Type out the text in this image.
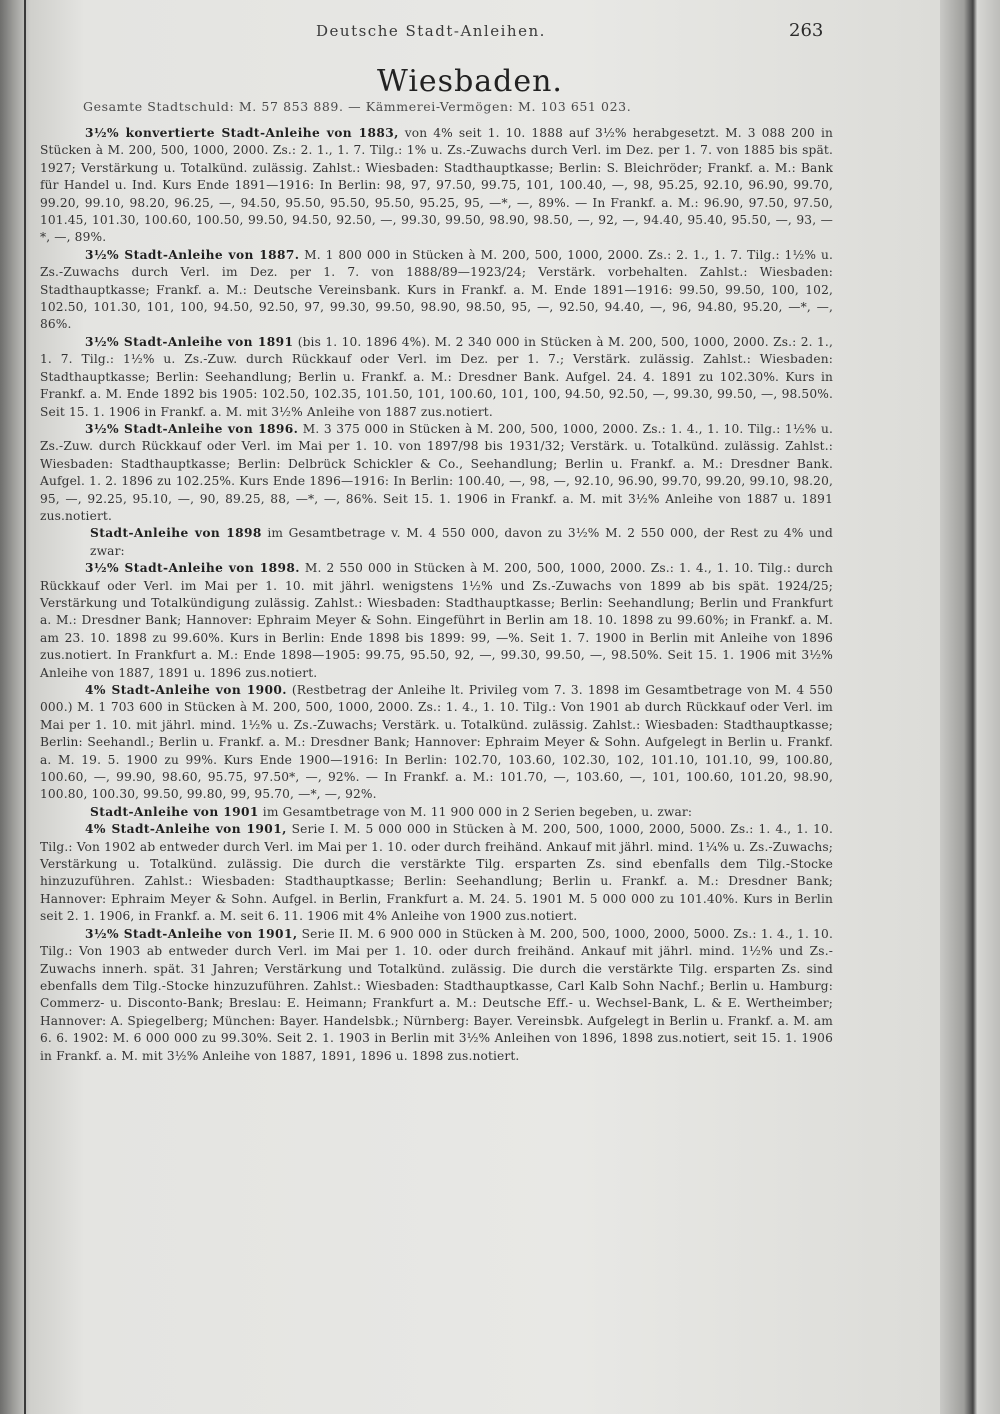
Deutsche Stadt-Anleihen.	263
Wiesbaden.
Gesamte Stadtschuld: M. 57 853 889. — Kämmerei-Vermögen: M. 103 651 023.

3½% konvertierte Stadt-Anleihe von 1883, von 4% seit 1. 10. 1888 auf 3½% herabgesetzt. M. 3 088 200 in Stücken à M. 200, 500, 1000, 2000. Zs.: 2. 1., 1. 7. Tilg.: 1% u. Zs.-Zuwachs durch Verl. im Dez. per 1. 7. von 1885 bis spät. 1927; Verstärkung u. Totalkünd. zulässig. Zahlst.: Wiesbaden: Stadthauptkasse; Berlin: S. Bleichröder; Frankf. a. M.: Bank für Handel u. Ind. Kurs Ende 1891—1916: In Berlin: 98, 97, 97.50, 99.75, 101, 100.40, —, 98, 95.25, 92.10, 96.90, 99.70, 99.20, 99.10, 98.20, 96.25, —, 94.50, 95.50, 95.50, 95.50, 95.25, 95, —*, —, 89%. — In Frankf. a. M.: 96.90, 97.50, 97.50, 101.45, 101.30, 100.60, 100.50, 99.50, 94.50, 92.50, —, 99.30, 99.50, 98.90, 98.50, —, 92, —, 94.40, 95.40, 95.50, —, 93, —*, —, 89%.

3½% Stadt-Anleihe von 1887. M. 1 800 000 in Stücken à M. 200, 500, 1000, 2000. Zs.: 2. 1., 1. 7. Tilg.: 1½% u. Zs.-Zuwachs durch Verl. im Dez. per 1. 7. von 1888/89—1923/24; Verstärk. vorbehalten. Zahlst.: Wiesbaden: Stadthauptkasse; Frankf. a. M.: Deutsche Vereinsbank. Kurs in Frankf. a. M. Ende 1891—1916: 99.50, 99.50, 100, 102, 102.50, 101.30, 101, 100, 94.50, 92.50, 97, 99.30, 99.50, 98.90, 98.50, 95, —, 92.50, 94.40, —, 96, 94.80, 95.20, —*, —, 86%.

3½% Stadt-Anleihe von 1891 (bis 1. 10. 1896 4%). M. 2 340 000 in Stücken à M. 200, 500, 1000, 2000. Zs.: 2. 1., 1. 7. Tilg.: 1½% u. Zs.-Zuw. durch Rückkauf oder Verl. im Dez. per 1. 7.; Verstärk. zulässig. Zahlst.: Wiesbaden: Stadthauptkasse; Berlin: Seehandlung; Berlin u. Frankf. a. M.: Dresdner Bank. Aufgel. 24. 4. 1891 zu 102.30%. Kurs in Frankf. a. M. Ende 1892 bis 1905: 102.50, 102.35, 101.50, 101, 100.60, 101, 100, 94.50, 92.50, —, 99.30, 99.50, —, 98.50%. Seit 15. 1. 1906 in Frankf. a. M. mit 3½% Anleihe von 1887 zus.notiert.

3½% Stadt-Anleihe von 1896. M. 3 375 000 in Stücken à M. 200, 500, 1000, 2000. Zs.: 1. 4., 1. 10. Tilg.: 1½% u. Zs.-Zuw. durch Rückkauf oder Verl. im Mai per 1. 10. von 1897/98 bis 1931/32; Verstärk. u. Totalkünd. zulässig. Zahlst.: Wiesbaden: Stadthauptkasse; Berlin: Delbrück Schickler & Co., Seehandlung; Berlin u. Frankf. a. M.: Dresdner Bank. Aufgel. 1. 2. 1896 zu 102.25%. Kurs Ende 1896—1916: In Berlin: 100.40, —, 98, —, 92.10, 96.90, 99.70, 99.20, 99.10, 98.20, 95, —, 92.25, 95.10, —, 90, 89.25, 88, —*, —, 86%. Seit 15. 1. 1906 in Frankf. a. M. mit 3½% Anleihe von 1887 u. 1891 zus.notiert.

Stadt-Anleihe von 1898 im Gesamtbetrage v. M. 4 550 000, davon zu 3½% M. 2 550 000, der Rest zu 4% und zwar:

3½% Stadt-Anleihe von 1898. M. 2 550 000 in Stücken à M. 200, 500, 1000, 2000. Zs.: 1. 4., 1. 10. Tilg.: durch Rückkauf oder Verl. im Mai per 1. 10. mit jährl. wenigstens 1½% und Zs.-Zuwachs von 1899 ab bis spät. 1924/25; Verstärkung und Totalkündigung zulässig. Zahlst.: Wiesbaden: Stadthauptkasse; Berlin: Seehandlung; Berlin und Frankfurt a. M.: Dresdner Bank; Hannover: Ephraim Meyer & Sohn. Eingeführt in Berlin am 18. 10. 1898 zu 99.60%; in Frankf. a. M. am 23. 10. 1898 zu 99.60%. Kurs in Berlin: Ende 1898 bis 1899: 99, —%. Seit 1. 7. 1900 in Berlin mit Anleihe von 1896 zus.notiert. In Frankfurt a. M.: Ende 1898—1905: 99.75, 95.50, 92, —, 99.30, 99.50, —, 98.50%. Seit 15. 1. 1906 mit 3½% Anleihe von 1887, 1891 u. 1896 zus.notiert.

4% Stadt-Anleihe von 1900. (Restbetrag der Anleihe lt. Privileg vom 7. 3. 1898 im Gesamtbetrage von M. 4 550 000.) M. 1 703 600 in Stücken à M. 200, 500, 1000, 2000. Zs.: 1. 4., 1. 10. Tilg.: Von 1901 ab durch Rückkauf oder Verl. im Mai per 1. 10. mit jährl. mind. 1½% u. Zs.-Zuwachs; Verstärk. u. Totalkünd. zulässig. Zahlst.: Wiesbaden: Stadthauptkasse; Berlin: Seehandl.; Berlin u. Frankf. a. M.: Dresdner Bank; Hannover: Ephraim Meyer & Sohn. Aufgelegt in Berlin u. Frankf. a. M. 19. 5. 1900 zu 99%. Kurs Ende 1900—1916: In Berlin: 102.70, 103.60, 102.30, 102, 101.10, 101.10, 99, 100.80, 100.60, —, 99.90, 98.60, 95.75, 97.50*, —, 92%. — In Frankf. a. M.: 101.70, —, 103.60, —, 101, 100.60, 101.20, 98.90, 100.80, 100.30, 99.50, 99.80, 99, 95.70, —*, —, 92%.

Stadt-Anleihe von 1901 im Gesamtbetrage von M. 11 900 000 in 2 Serien begeben, u. zwar:

4% Stadt-Anleihe von 1901, Serie I. M. 5 000 000 in Stücken à M. 200, 500, 1000, 2000, 5000. Zs.: 1. 4., 1. 10. Tilg.: Von 1902 ab entweder durch Verl. im Mai per 1. 10. oder durch freihänd. Ankauf mit jährl. mind. 1¼% u. Zs.-Zuwachs; Verstärkung u. Totalkünd. zulässig. Die durch die verstärkte Tilg. ersparten Zs. sind ebenfalls dem Tilg.-Stocke hinzuzuführen. Zahlst.: Wiesbaden: Stadthauptkasse; Berlin: Seehandlung; Berlin u. Frankf. a. M.: Dresdner Bank; Hannover: Ephraim Meyer & Sohn. Aufgel. in Berlin, Frankfurt a. M. 24. 5. 1901 M. 5 000 000 zu 101.40%. Kurs in Berlin seit 2. 1. 1906, in Frankf. a. M. seit 6. 11. 1906 mit 4% Anleihe von 1900 zus.notiert.

3½% Stadt-Anleihe von 1901, Serie II. M. 6 900 000 in Stücken à M. 200, 500, 1000, 2000, 5000. Zs.: 1. 4., 1. 10. Tilg.: Von 1903 ab entweder durch Verl. im Mai per 1. 10. oder durch freihänd. Ankauf mit jährl. mind. 1½% und Zs.-Zuwachs innerh. spät. 31 Jahren; Verstärkung und Totalkünd. zulässig. Die durch die verstärkte Tilg. ersparten Zs. sind ebenfalls dem Tilg.-Stocke hinzuzuführen. Zahlst.: Wiesbaden: Stadthauptkasse, Carl Kalb Sohn Nachf.; Berlin u. Hamburg: Commerz- u. Disconto-Bank; Breslau: E. Heimann; Frankfurt a. M.: Deutsche Eff.- u. Wechsel-Bank, L. & E. Wertheimber; Hannover: A. Spiegelberg; München: Bayer. Handelsbk.; Nürnberg: Bayer. Vereinsbk. Aufgelegt in Berlin u. Frankf. a. M. am 6. 6. 1902: M. 6 000 000 zu 99.30%. Seit 2. 1. 1903 in Berlin mit 3½% Anleihen von 1896, 1898 zus.notiert, seit 15. 1. 1906 in Frankf. a. M. mit 3½% Anleihe von 1887, 1891, 1896 u. 1898 zus.notiert.
